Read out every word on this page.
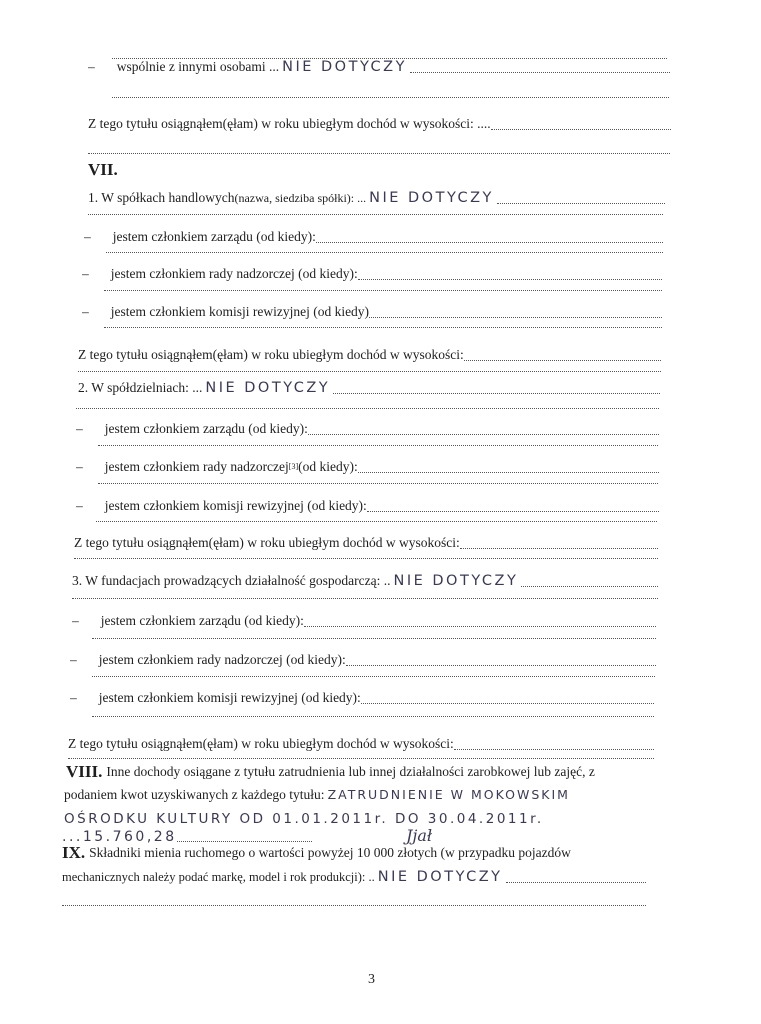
–	wspólnie z innymi osobami ... NIE DOTYCZY
Z tego tytułu osiągnąłem(ęłam) w roku ubiegłym dochód w wysokości: ....
VII.
1. W spółkach handlowych (nazwa, siedziba spółki): ... NIE DOTYCZY
–	jestem członkiem zarządu (od kiedy):
–	jestem członkiem rady nadzorczej (od kiedy):
–	jestem członkiem komisji rewizyjnej (od kiedy)
Z tego tytułu osiągnąłem(ęłam) w roku ubiegłym dochód w wysokości:
2. W spółdzielniach: ... NIE DOTYCZY
–	jestem członkiem zarządu (od kiedy):
–	jestem członkiem rady nadzorczej [3] (od kiedy):
–	jestem członkiem komisji rewizyjnej (od kiedy):
Z tego tytułu osiągnąłem(ęłam) w roku ubiegłym dochód w wysokości:
3. W fundacjach prowadzących działalność gospodarczą: .. NIE DOTYCZY
–	jestem członkiem zarządu (od kiedy):
–	jestem członkiem rady nadzorczej (od kiedy):
–	jestem członkiem komisji rewizyjnej (od kiedy):
Z tego tytułu osiągnąłem(ęłam) w roku ubiegłym dochód w wysokości:
VIII. Inne dochody osiągane z tytułu zatrudnienia lub innej działalności zarobkowej lub zajęć, z
podaniem kwot uzyskiwanych z każdego tytułu: ZATRUDNIENIE W MOKOWSKIM
OŚRODKU KULTURY OD 01.01.2011r. DO 30.04.2011r.
...15.760,28	Jjał
IX. Składniki mienia ruchomego o wartości powyżej 10 000 złotych (w przypadku pojazdów
mechanicznych należy podać markę, model i rok produkcji): .. NIE DOTYCZY
3
